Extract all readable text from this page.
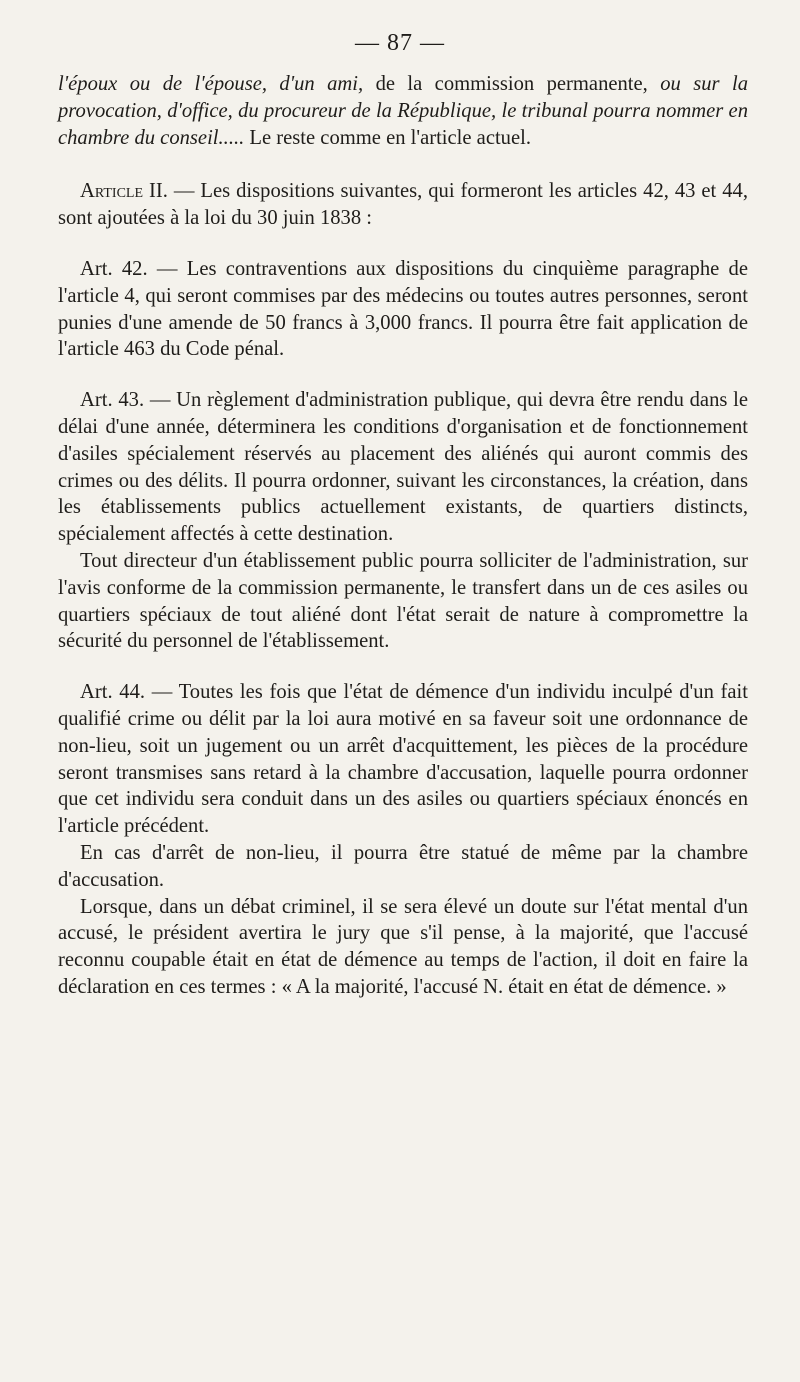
— 87 —

l'époux ou de l'épouse, d'un ami, de la commission permanente, ou sur la provocation, d'office, du procureur de la République, le tribunal pourra nommer en chambre du conseil..... Le reste comme en l'article actuel.

Article II. — Les dispositions suivantes, qui formeront les articles 42, 43 et 44, sont ajoutées à la loi du 30 juin 1838 :

Art. 42. — Les contraventions aux dispositions du cinquième paragraphe de l'article 4, qui seront commises par des médecins ou toutes autres personnes, seront punies d'une amende de 50 francs à 3,000 francs. Il pourra être fait application de l'article 463 du Code pénal.

Art. 43. — Un règlement d'administration publique, qui devra être rendu dans le délai d'une année, déterminera les conditions d'organisation et de fonctionnement d'asiles spécialement réservés au placement des aliénés qui auront commis des crimes ou des délits. Il pourra ordonner, suivant les circonstances, la création, dans les établissements publics actuellement existants, de quartiers distincts, spécialement affectés à cette destination.

Tout directeur d'un établissement public pourra solliciter de l'administration, sur l'avis conforme de la commission permanente, le transfert dans un de ces asiles ou quartiers spéciaux de tout aliéné dont l'état serait de nature à compromettre la sécurité du personnel de l'établissement.

Art. 44. — Toutes les fois que l'état de démence d'un individu inculpé d'un fait qualifié crime ou délit par la loi aura motivé en sa faveur soit une ordonnance de non-lieu, soit un jugement ou un arrêt d'acquittement, les pièces de la procédure seront transmises sans retard à la chambre d'accusation, laquelle pourra ordonner que cet individu sera conduit dans un des asiles ou quartiers spéciaux énoncés en l'article précédent.

En cas d'arrêt de non-lieu, il pourra être statué de même par la chambre d'accusation.

Lorsque, dans un débat criminel, il se sera élevé un doute sur l'état mental d'un accusé, le président avertira le jury que s'il pense, à la majorité, que l'accusé reconnu coupable était en état de démence au temps de l'action, il doit en faire la déclaration en ces termes : « A la majorité, l'accusé N. était en état de démence. »
